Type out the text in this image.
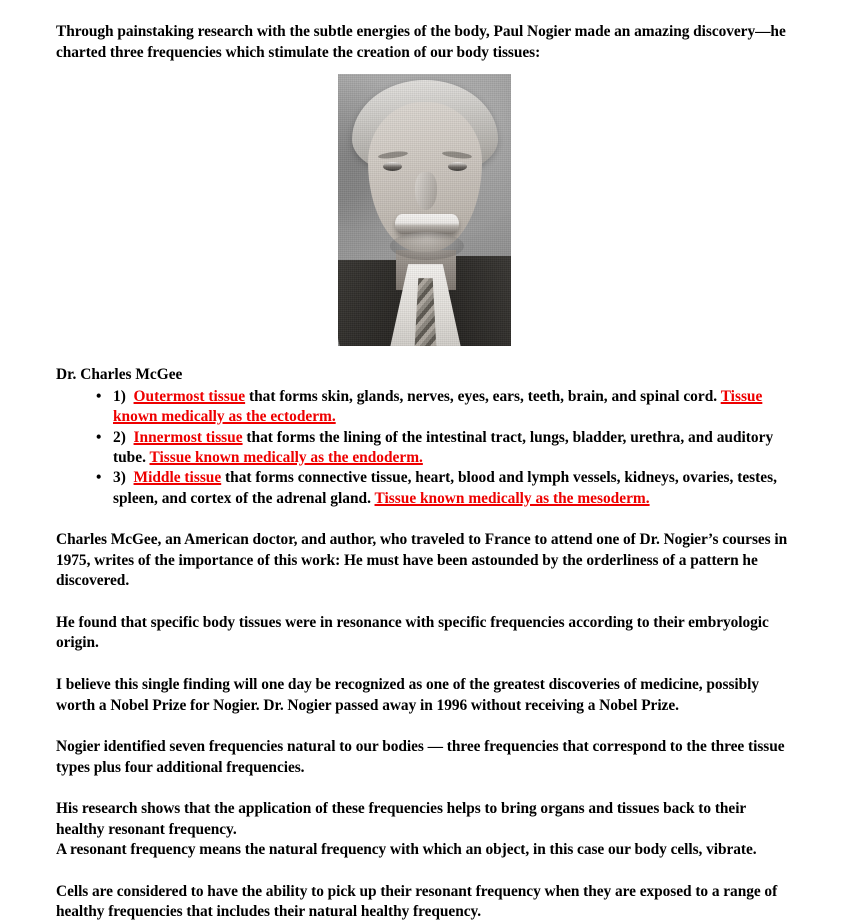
Through painstaking research with the subtle energies of the body, Paul Nogier made an amazing discovery—he charted three frequencies which stimulate the creation of our body tissues:

Dr. Charles McGee
• 1) Outermost tissue that forms skin, glands, nerves, eyes, ears, teeth, brain, and spinal cord. Tissue known medically as the ectoderm.
• 2) Innermost tissue that forms the lining of the intestinal tract, lungs, bladder, urethra, and auditory tube. Tissue known medically as the endoderm.
• 3) Middle tissue that forms connective tissue, heart, blood and lymph vessels, kidneys, ovaries, testes, spleen, and cortex of the adrenal gland. Tissue known medically as the mesoderm.

Charles McGee, an American doctor, and author, who traveled to France to attend one of Dr. Nogier’s courses in 1975, writes of the importance of this work: He must have been astounded by the orderliness of a pattern he discovered.

He found that specific body tissues were in resonance with specific frequencies according to their embryologic origin.

I believe this single finding will one day be recognized as one of the greatest discoveries of medicine, possibly worth a Nobel Prize for Nogier. Dr. Nogier passed away in 1996 without receiving a Nobel Prize.

Nogier identified seven frequencies natural to our bodies — three frequencies that correspond to the three tissue types plus four additional frequencies.

His research shows that the application of these frequencies helps to bring organs and tissues back to their healthy resonant frequency.

A resonant frequency means the natural frequency with which an object, in this case our body cells, vibrate.

Cells are considered to have the ability to pick up their resonant frequency when they are exposed to a range of healthy frequencies that includes their natural healthy frequency.
